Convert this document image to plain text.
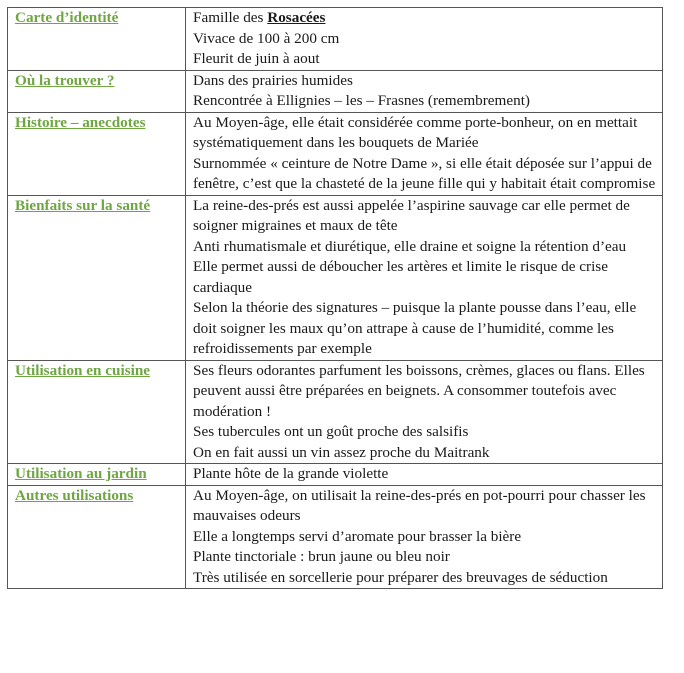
Carte d’identité	Famille des Rosacées
Vivace de 100 à 200 cm
Fleurit de juin à aout

Où la trouver ?	Dans des prairies humides
Rencontrée à Ellignies – les – Frasnes (remembrement)

Histoire – anecdotes	Au Moyen-âge, elle était considérée comme porte-bonheur, on en mettait systématiquement dans les bouquets de Mariée
Surnommée « ceinture de Notre Dame », si elle était déposée sur l’appui de fenêtre, c’est que la chasteté de la jeune fille qui y habitait était compromise

Bienfaits sur la santé	La reine-des-prés est aussi appelée l’aspirine sauvage car elle permet de soigner migraines et maux de tête
Anti rhumatismale et diurétique, elle draine et soigne la rétention d’eau
Elle permet aussi de déboucher les artères et limite le risque de crise cardiaque
Selon la théorie des signatures – puisque la plante pousse dans l’eau, elle doit soigner les maux qu’on attrape à cause de l’humidité, comme les refroidissements par exemple

Utilisation en cuisine	Ses fleurs odorantes parfument les boissons, crèmes, glaces ou flans. Elles peuvent aussi être préparées en beignets. A consommer toutefois avec modération !
Ses tubercules ont un goût proche des salsifis
On en fait aussi un vin assez proche du Maitrank

Utilisation au jardin	Plante hôte de la grande violette

Autres utilisations	Au Moyen-âge, on utilisait la reine-des-prés en pot-pourri pour chasser les mauvaises odeurs
Elle a longtemps servi d’aromate pour brasser la bière
Plante tinctoriale : brun jaune ou bleu noir
Très utilisée en sorcellerie pour préparer des breuvages de séduction
